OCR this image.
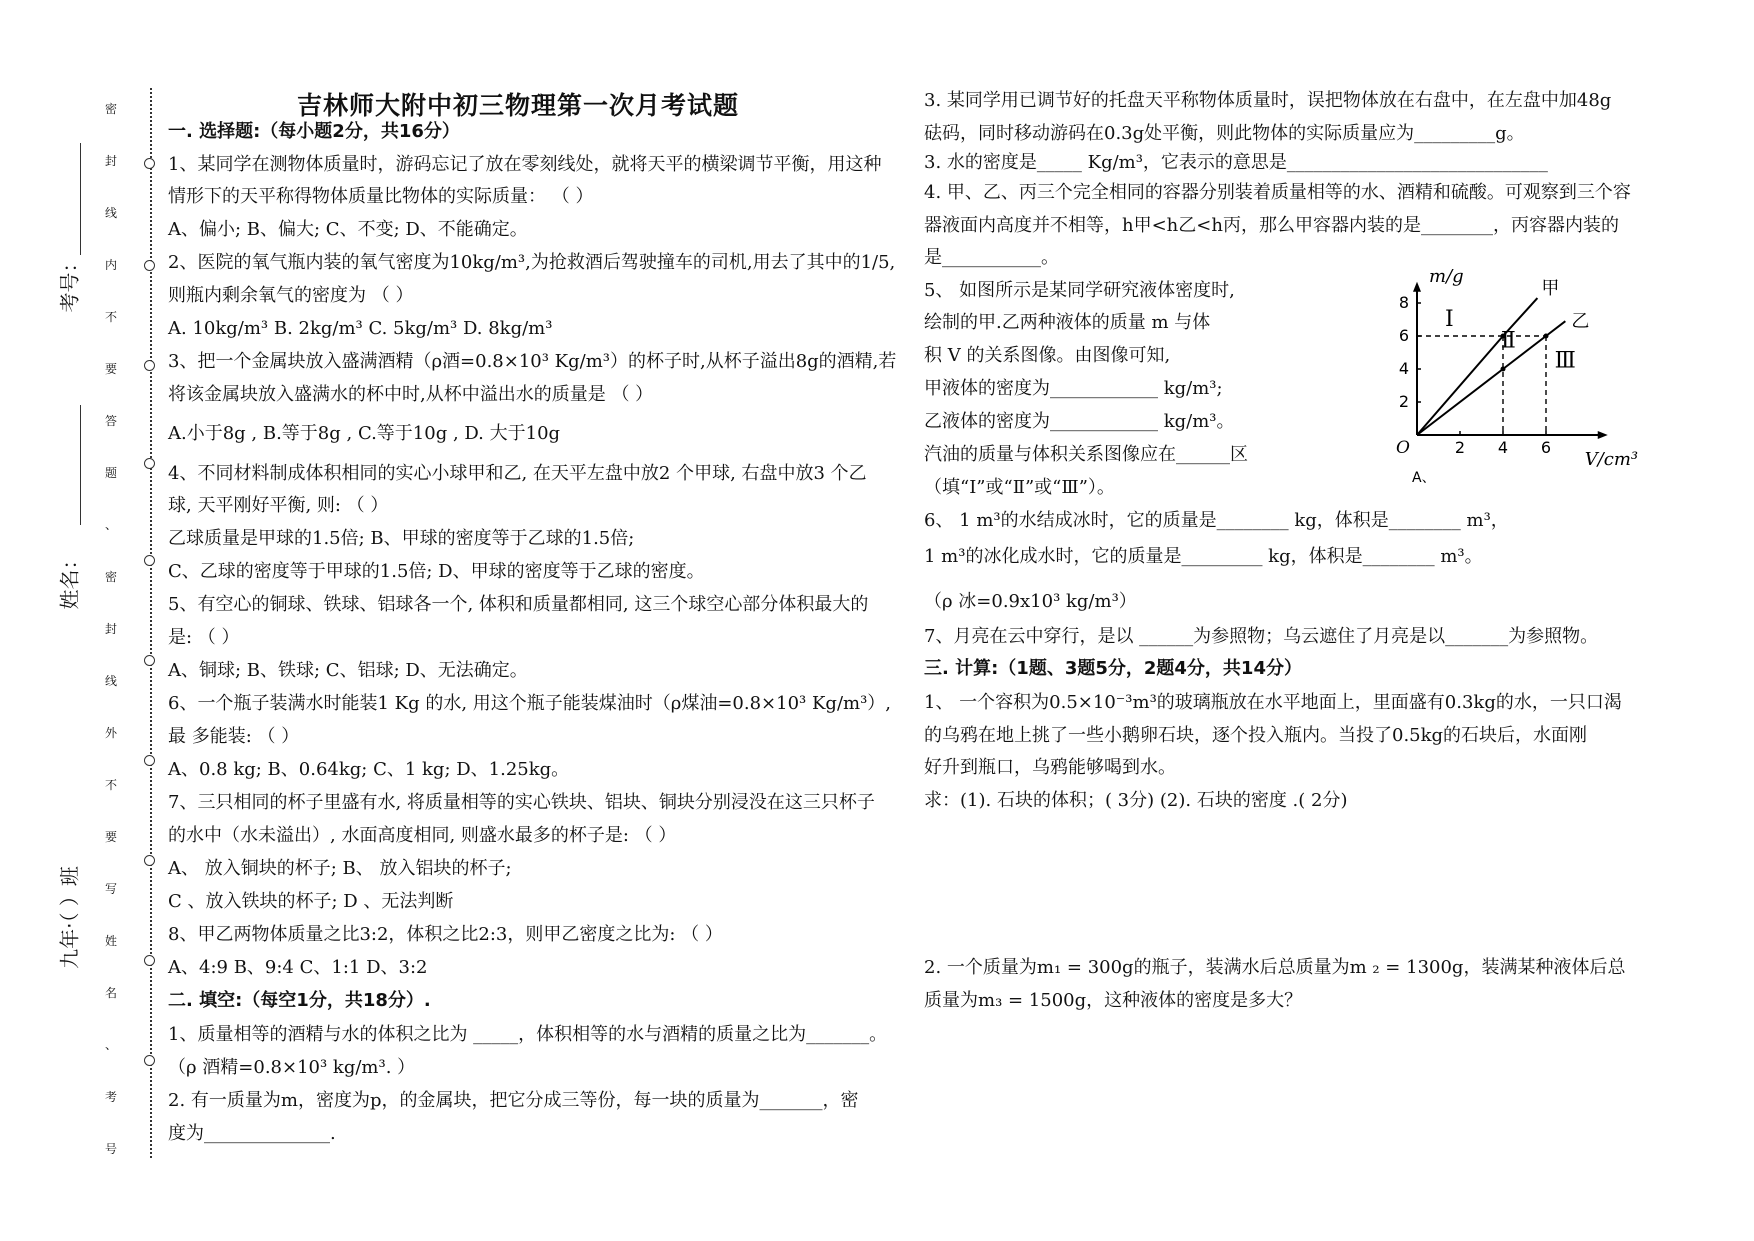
密
封
线
内
不
要
答
题
、
密
封
线
外
不
要
写
姓
名
、
考
号
考号：
姓名：
九年·（ ）班
吉林师大附中初三物理第一次月考试题
一. 选择题:（每小题2分，共16分）
1、某同学在测物体质量时，游码忘记了放在零刻线处，就将天平的横梁调节平衡，用这种
情形下的天平称得物体质量比物体的实际质量： （ ）
A、偏小; B、偏大; C、不变; D、不能确定。
2、医院的氧气瓶内装的氧气密度为10kg/m³,为抢救酒后驾驶撞车的司机,用去了其中的1/5,
则瓶内剩余氧气的密度为 （ ）
A. 10kg/m³ B. 2kg/m³ C. 5kg/m³ D. 8kg/m³
3、把一个金属块放入盛满酒精（ρ酒=0.8×10³ Kg/m³）的杯子时,从杯子溢出8g的酒精,若
将该金属块放入盛满水的杯中时,从杯中溢出水的质量是 （ ）
A.小于8g , B.等于8g , C.等于10g , D. 大于10g
4、不同材料制成体积相同的实心小球甲和乙, 在天平左盘中放2 个甲球, 右盘中放3 个乙
球, 天平刚好平衡, 则: （ ）
乙球质量是甲球的1.5倍; B、甲球的密度等于乙球的1.5倍;
C、乙球的密度等于甲球的1.5倍; D、甲球的密度等于乙球的密度。
5、有空心的铜球、铁球、铝球各一个, 体积和质量都相同, 这三个球空心部分体积最大的
是: （ ）
A、铜球; B、铁球; C、铝球; D、无法确定。
6、一个瓶子装满水时能装1 Kg 的水, 用这个瓶子能装煤油时（ρ煤油=0.8×10³ Kg/m³）,
最 多能装: （ ）
A、0.8 kg; B、0.64kg; C、1 kg; D、1.25kg。
7、三只相同的杯子里盛有水, 将质量相等的实心铁块、铝块、铜块分别浸没在这三只杯子
的水中（水未溢出）, 水面高度相同, 则盛水最多的杯子是: （ ）
A、 放入铜块的杯子; B、 放入铝块的杯子;
C 、放入铁块的杯子; D 、无法判断
8、甲乙两物体质量之比3:2，体积之比2:3，则甲乙密度之比为: （ ）
A、4:9 B、9:4 C、1:1 D、3:2
二. 填空:（每空1分，共18分）.
1、质量相等的酒精与水的体积之比为 _____，体积相等的水与酒精的质量之比为_______。
（ρ 酒精=0.8×10³ kg/m³. ）
2. 有一质量为m，密度为p，的金属块，把它分成三等份，每一块的质量为_______，密
度为______________.
3. 某同学用已调节好的托盘天平称物体质量时，误把物体放在右盘中，在左盘中加48g
砝码，同时移动游码在0.3g处平衡，则此物体的实际质量应为_________g。
3. 水的密度是_____ Kg/m³，它表示的意思是_____________________________
4. 甲、乙、丙三个完全相同的容器分别装着质量相等的水、酒精和硫酸。可观察到三个容
器液面内高度并不相等，h甲<h乙<h丙，那么甲容器内装的是________，丙容器内装的
是___________。
5、 如图所示是某同学研究液体密度时,
绘制的甲.乙两种液体的质量 m 与体
积 V 的关系图像。由图像可知,
甲液体的密度为____________ kg/m³;
乙液体的密度为____________ kg/m³。
汽油的质量与体积关系图像应在______区
（填“Ⅰ”或“Ⅱ”或“Ⅲ”）。
6、 1 m³的水结成冰时，它的质量是________ kg，体积是________ m³，
1 m³的冰化成水时，它的质量是_________ kg，体积是________ m³。
（ρ 冰=0.9x10³ kg/m³）
7、月亮在云中穿行，是以 ______为参照物；乌云遮住了月亮是以_______为参照物。
三. 计算:（1题、3题5分，2题4分，共14分）
1、 一个容积为0.5×10⁻³m³的玻璃瓶放在水平地面上，里面盛有0.3kg的水，一只口渴
的乌鸦在地上挑了一些小鹅卵石块，逐个投入瓶内。当投了0.5kg的石块后，水面刚
好升到瓶口，乌鸦能够喝到水。
求：(1). 石块的体积；( 3分) (2). 石块的密度 .( 2分)
2. 一个质量为m₁ = 300g的瓶子，装满水后总质量为m ₂ = 1300g，装满某种液体后总
质量为m₃ = 1500g，这种液体的密度是多大？
2 4 6
2
4
6
8
O
m/g
V/cm³
甲
乙
Ⅰ
Ⅱ
Ⅲ
A、
